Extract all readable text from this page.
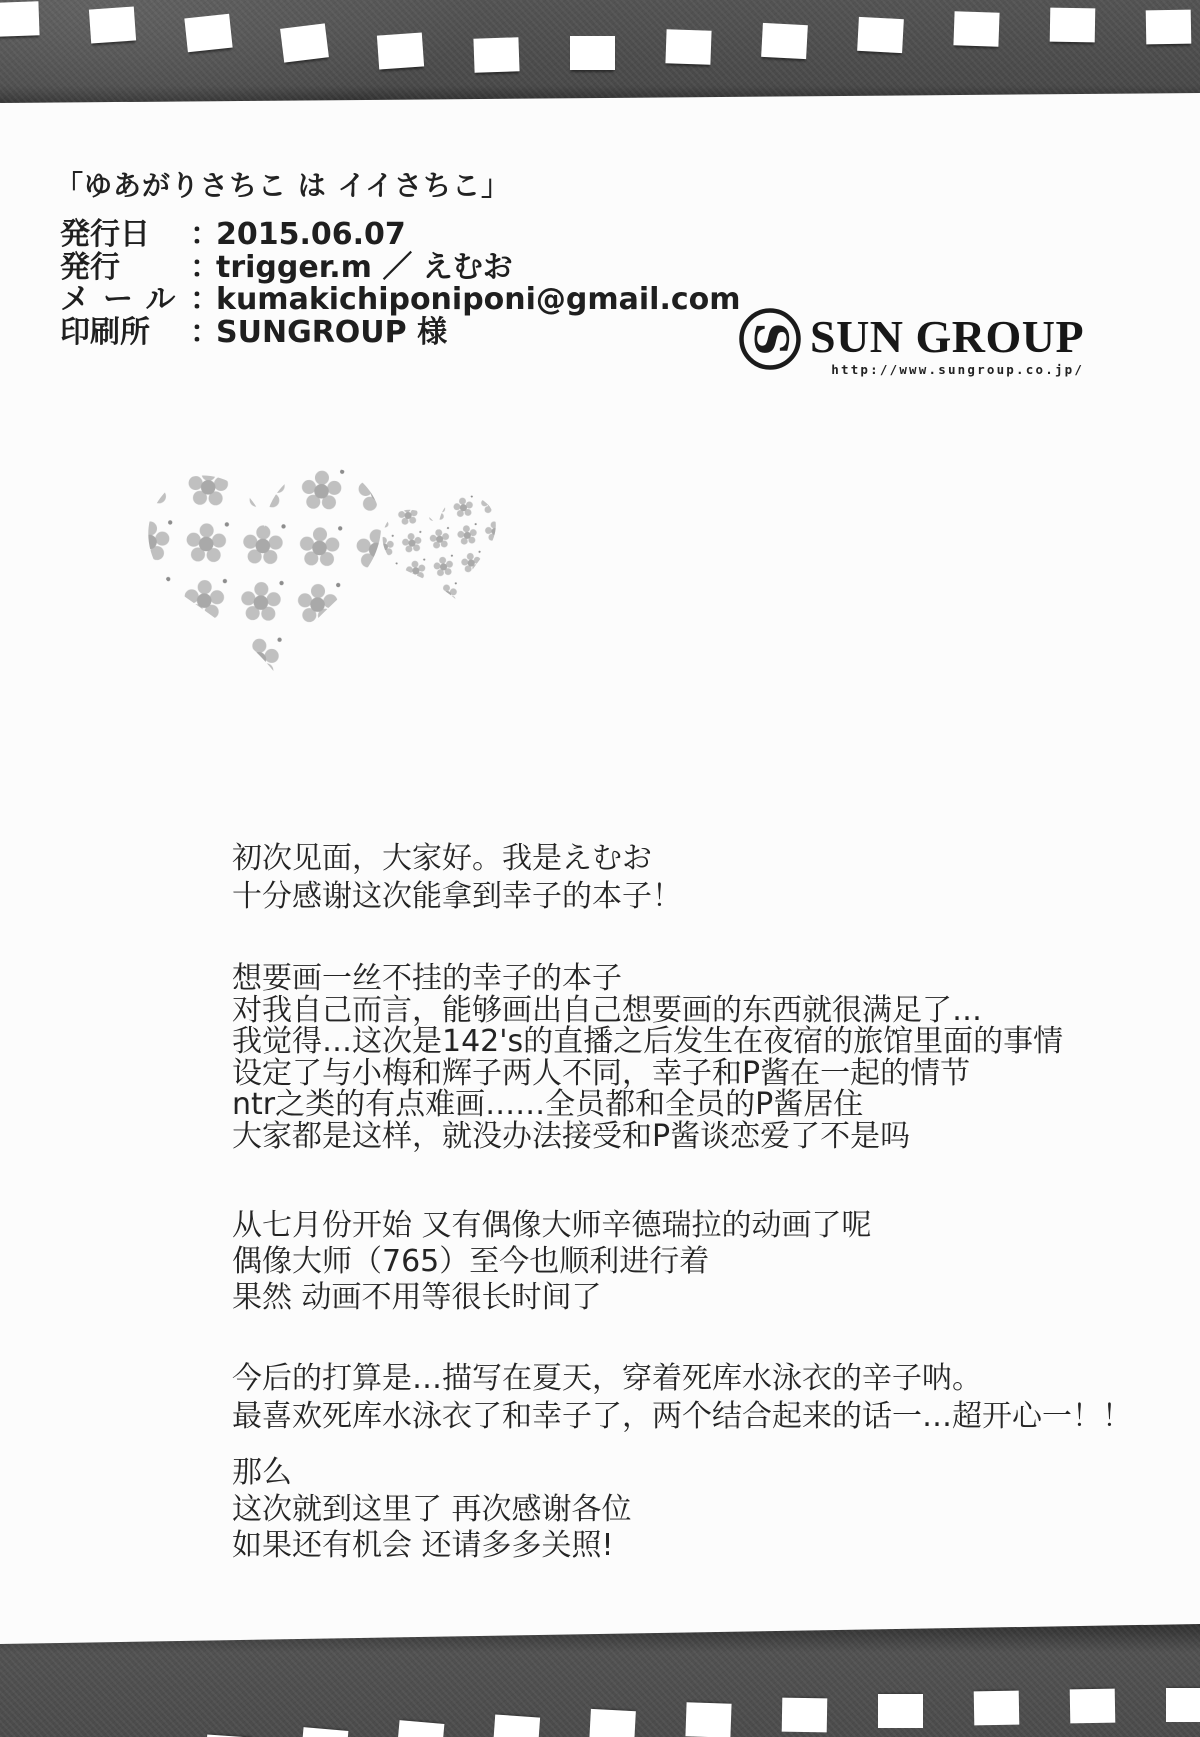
「ゆあがりさちこ は イイさちこ」
発行日 ：2015.06.07
発行 ：trigger.m ／ えむお
メール：kumakichiponiponi@gmail.com
印刷所 ：SUNGROUP 様	S SUN GROUP
http://www.sungroup.co.jp/
初次见面，大家好。我是えむお
十分感谢这次能拿到幸子的本子！
想要画一丝不挂的幸子的本子
对我自己而言，能够画出自己想要画的东西就很满足了…
我觉得…这次是142's的直播之后发生在夜宿的旅馆里面的事情
设定了与小梅和辉子两人不同，幸子和P酱在一起的情节
ntr之类的有点难画……全员都和全员的P酱居住
大家都是这样，就没办法接受和P酱谈恋爱了不是吗
从七月份开始 又有偶像大师辛德瑞拉的动画了呢
偶像大师（765）至今也顺利进行着
果然 动画不用等很长时间了
今后的打算是…描写在夏天，穿着死库水泳衣的辛子呐。
最喜欢死库水泳衣了和幸子了，两个结合起来的话一…超开心一！！
那么
这次就到这里了 再次感谢各位
如果还有机会 还请多多关照!
